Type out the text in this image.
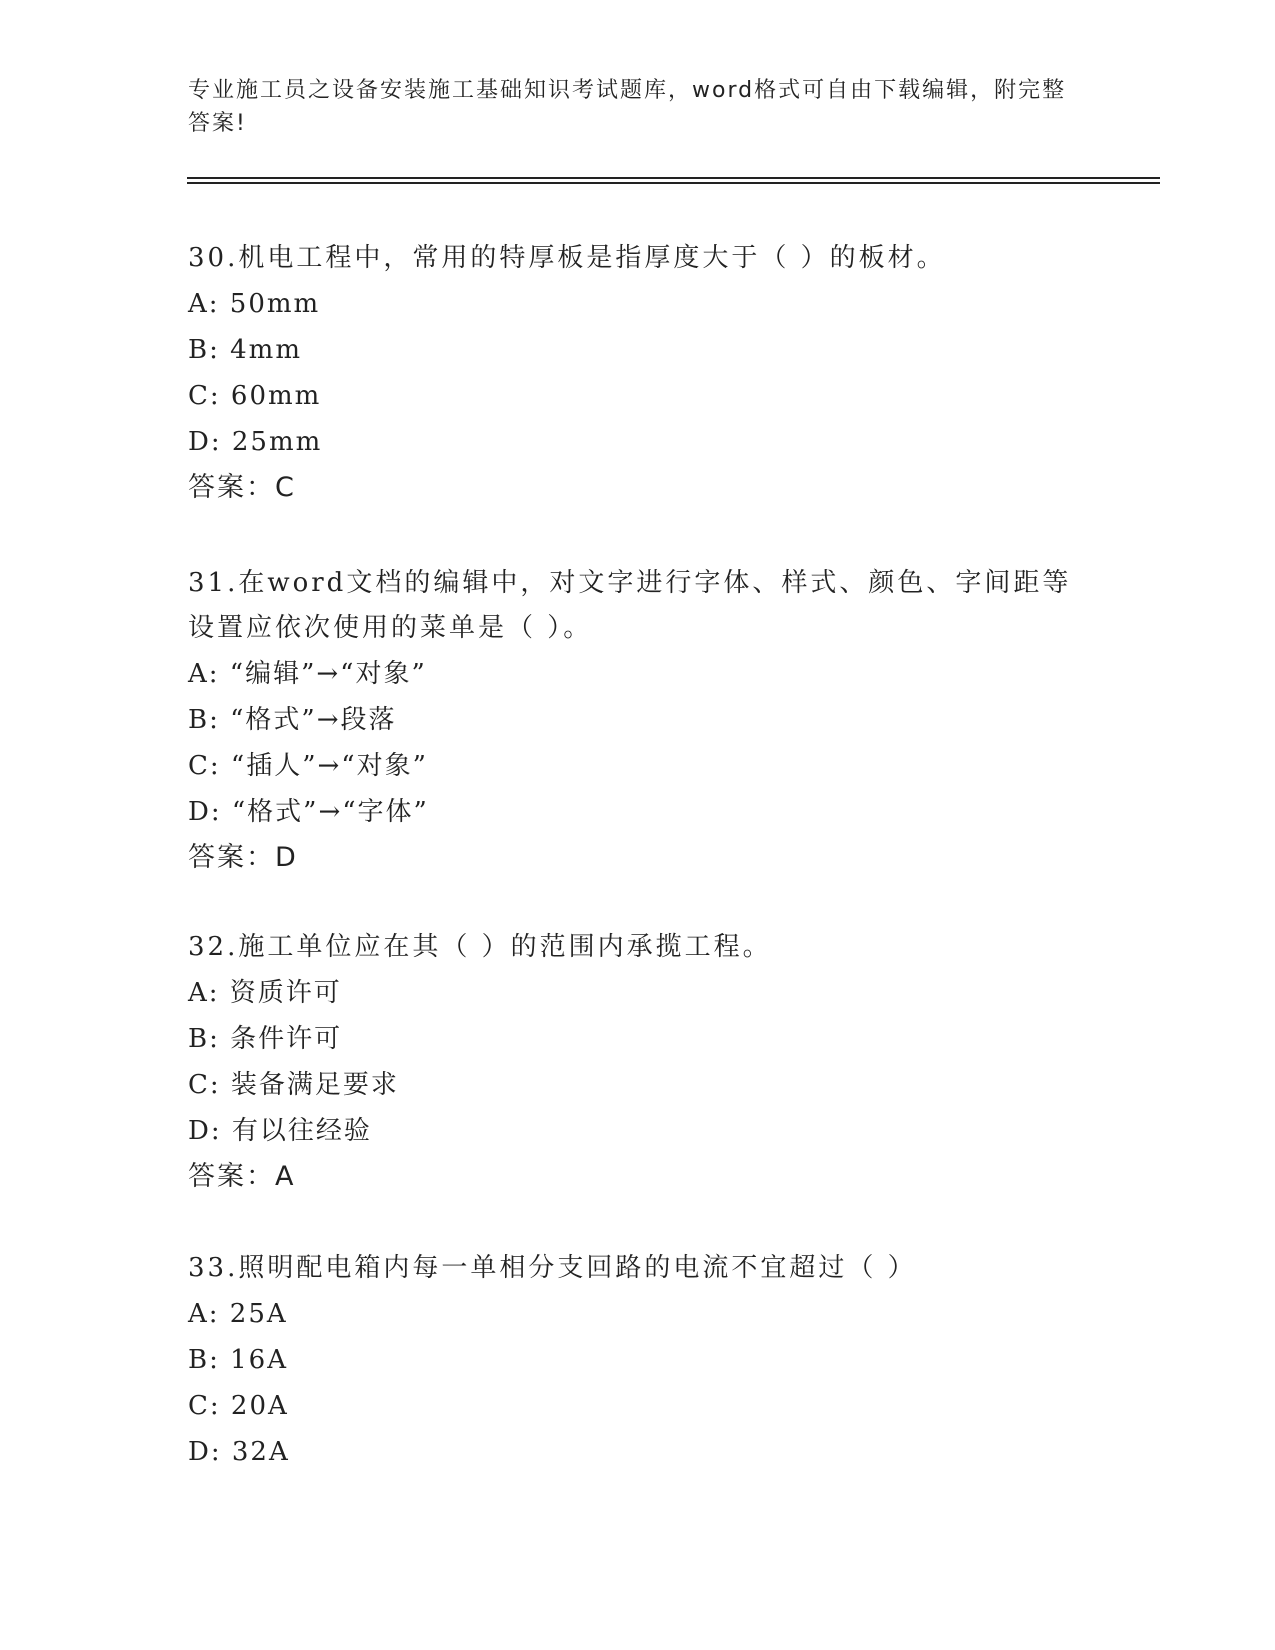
专业施工员之设备安装施工基础知识考试题库，word格式可自由下载编辑，附完整答案!

30.机电工程中，常用的特厚板是指厚度大于（ ）的板材。

A: 50mm

B: 4mm

C: 60mm

D: 25mm

答案：C

31.在word文档的编辑中，对文字进行字体、样式、颜色、字间距等设置应依次使用的菜单是（ ）。

A: “编辑”→“对象”

B: “格式”→段落

C: “插人”→“对象”

D: “格式”→“字体”

答案：D

32.施工单位应在其（ ）的范围内承揽工程。

A: 资质许可

B: 条件许可

C: 装备满足要求

D: 有以往经验

答案：A

33.照明配电箱内每一单相分支回路的电流不宜超过（ ）

A: 25A

B: 16A

C: 20A

D: 32A
